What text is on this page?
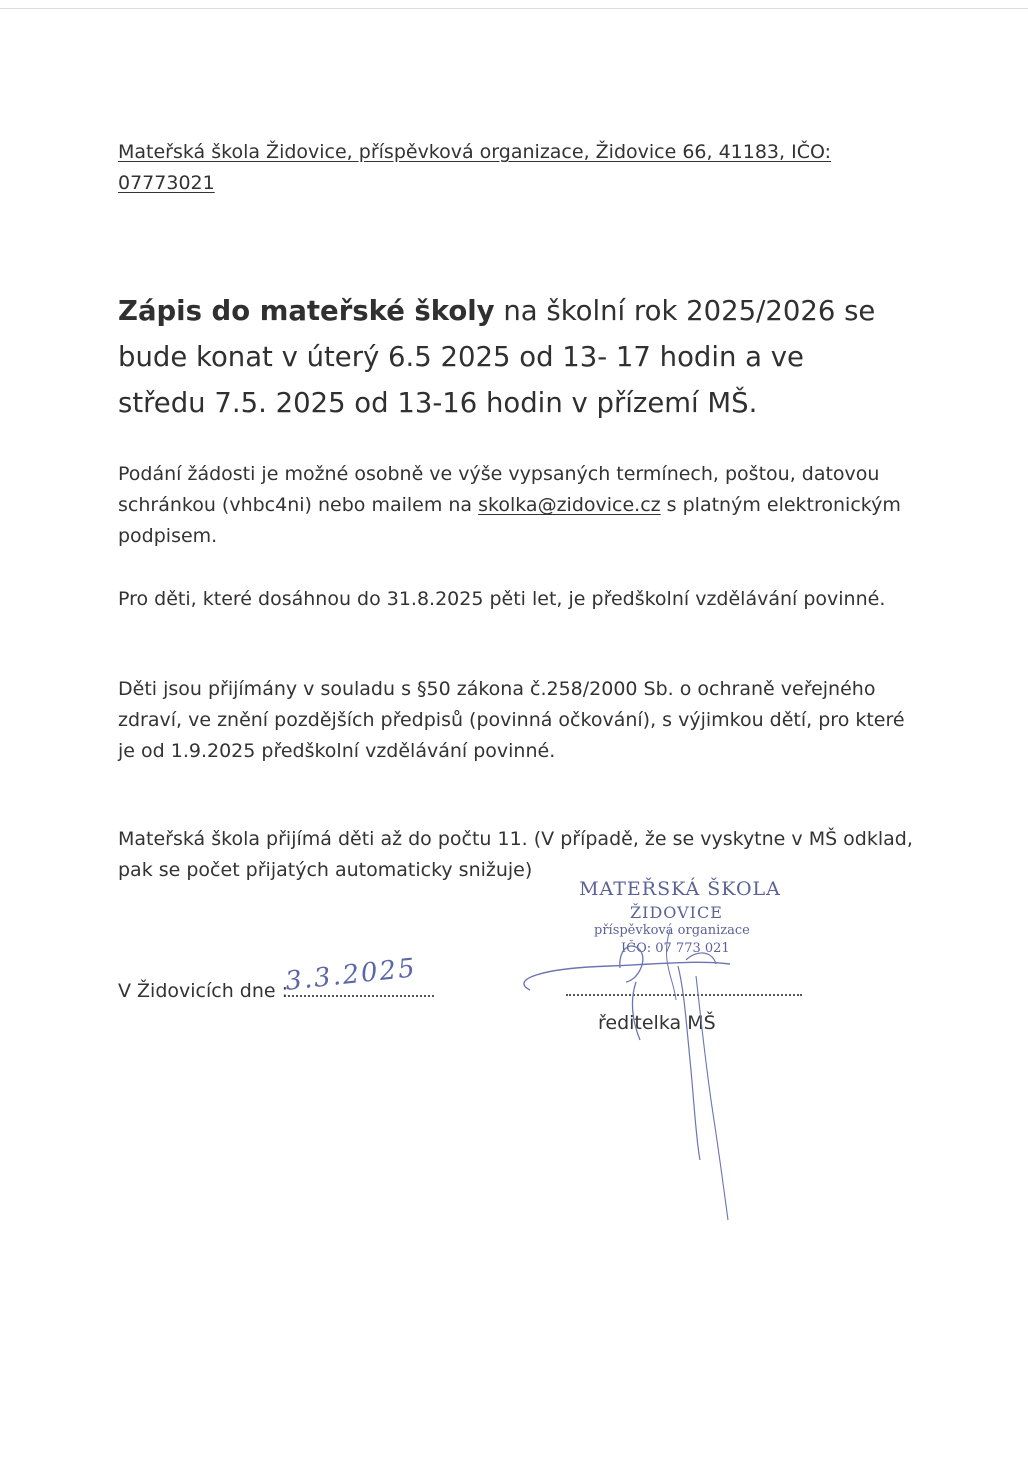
Mateřská škola Židovice, příspěvková organizace, Židovice 66, 41183, IČO:
07773021
Zápis do mateřské školy na školní rok 2025/2026 se bude konat v úterý 6.5 2025 od 13- 17 hodin a ve středu 7.5. 2025 od 13-16 hodin v přízemí MŠ.
Podání žádosti je možné osobně ve výše vypsaných termínech, poštou, datovou schránkou (vhbc4ni) nebo mailem na skolka@zidovice.cz s platným elektronickým podpisem.
Pro děti, které dosáhnou do 31.8.2025 pěti let, je předškolní vzdělávání povinné.
Děti jsou přijímány v souladu s §50 zákona č.258/2000 Sb. o ochraně veřejného zdraví, ve znění pozdějších předpisů (povinná očkování), s výjimkou dětí, pro které je od 1.9.2025 předškolní vzdělávání povinné.
Mateřská škola přijímá děti až do počtu 11. (V případě, že se vyskytne v MŠ odklad, pak se počet přijatých automaticky snižuje)
MATEŘSKÁ ŠKOLA
ŽIDOVICE
příspěvková organizace
IČO: 07 773 021
V Židovicích dne :
3.3.2025
ředitelka MŠ
